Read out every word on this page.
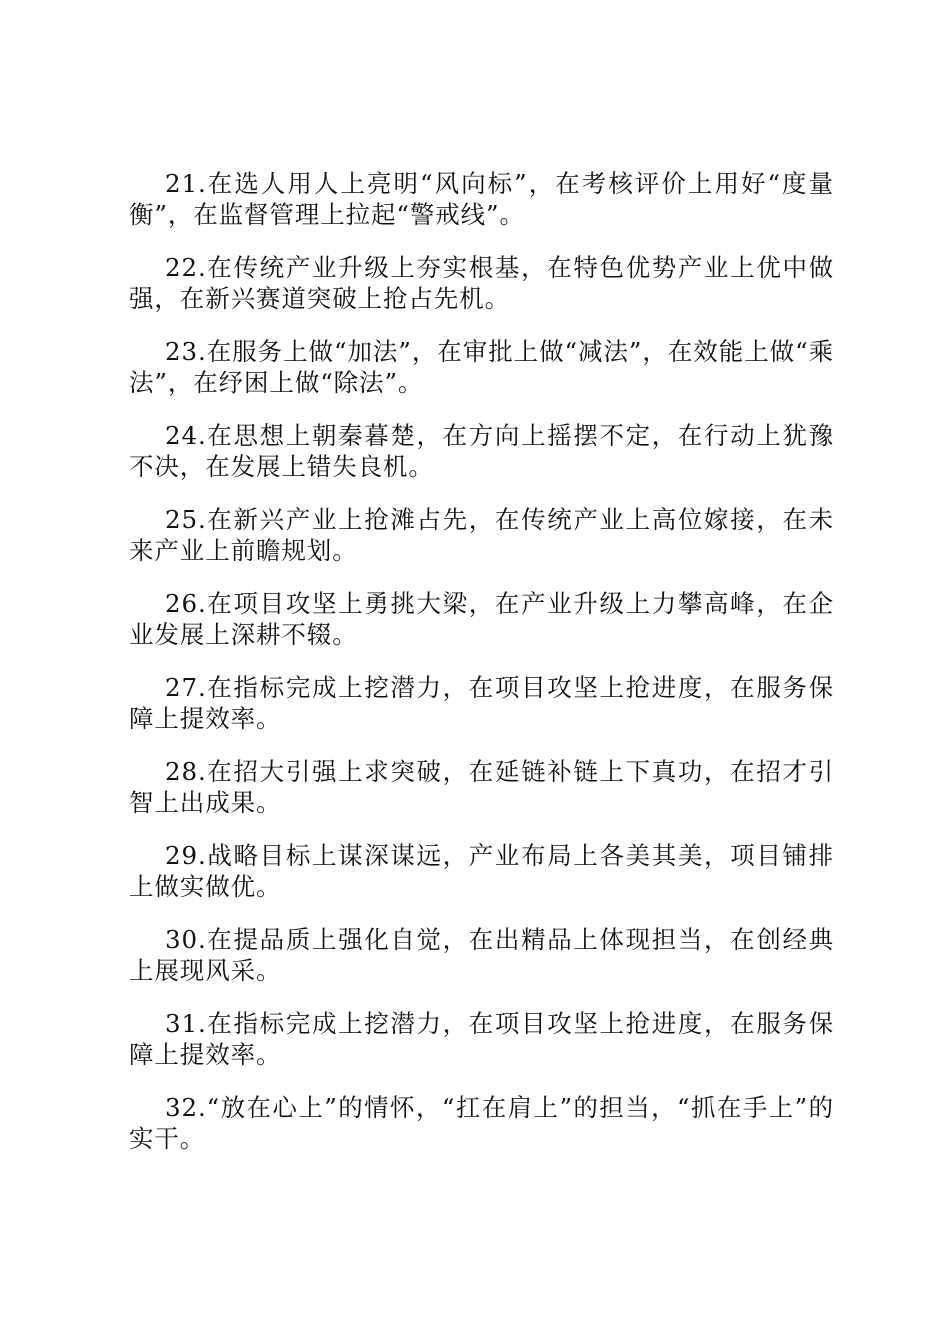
21.在选人用人上亮明“风向标”，在考核评价上用好“度量衡”，在监督管理上拉起“警戒线”。

22.在传统产业升级上夯实根基，在特色优势产业上优中做强，在新兴赛道突破上抢占先机。

23.在服务上做“加法”，在审批上做“减法”，在效能上做“乘法”，在纾困上做“除法”。

24.在思想上朝秦暮楚，在方向上摇摆不定，在行动上犹豫不决，在发展上错失良机。

25.在新兴产业上抢滩占先，在传统产业上高位嫁接，在未来产业上前瞻规划。

26.在项目攻坚上勇挑大梁，在产业升级上力攀高峰，在企业发展上深耕不辍。

27.在指标完成上挖潜力，在项目攻坚上抢进度，在服务保障上提效率。

28.在招大引强上求突破，在延链补链上下真功，在招才引智上出成果。

29.战略目标上谋深谋远，产业布局上各美其美，项目铺排上做实做优。

30.在提品质上强化自觉，在出精品上体现担当，在创经典上展现风采。

31.在指标完成上挖潜力，在项目攻坚上抢进度，在服务保障上提效率。

32.“放在心上”的情怀，“扛在肩上”的担当，“抓在手上”的实干。
